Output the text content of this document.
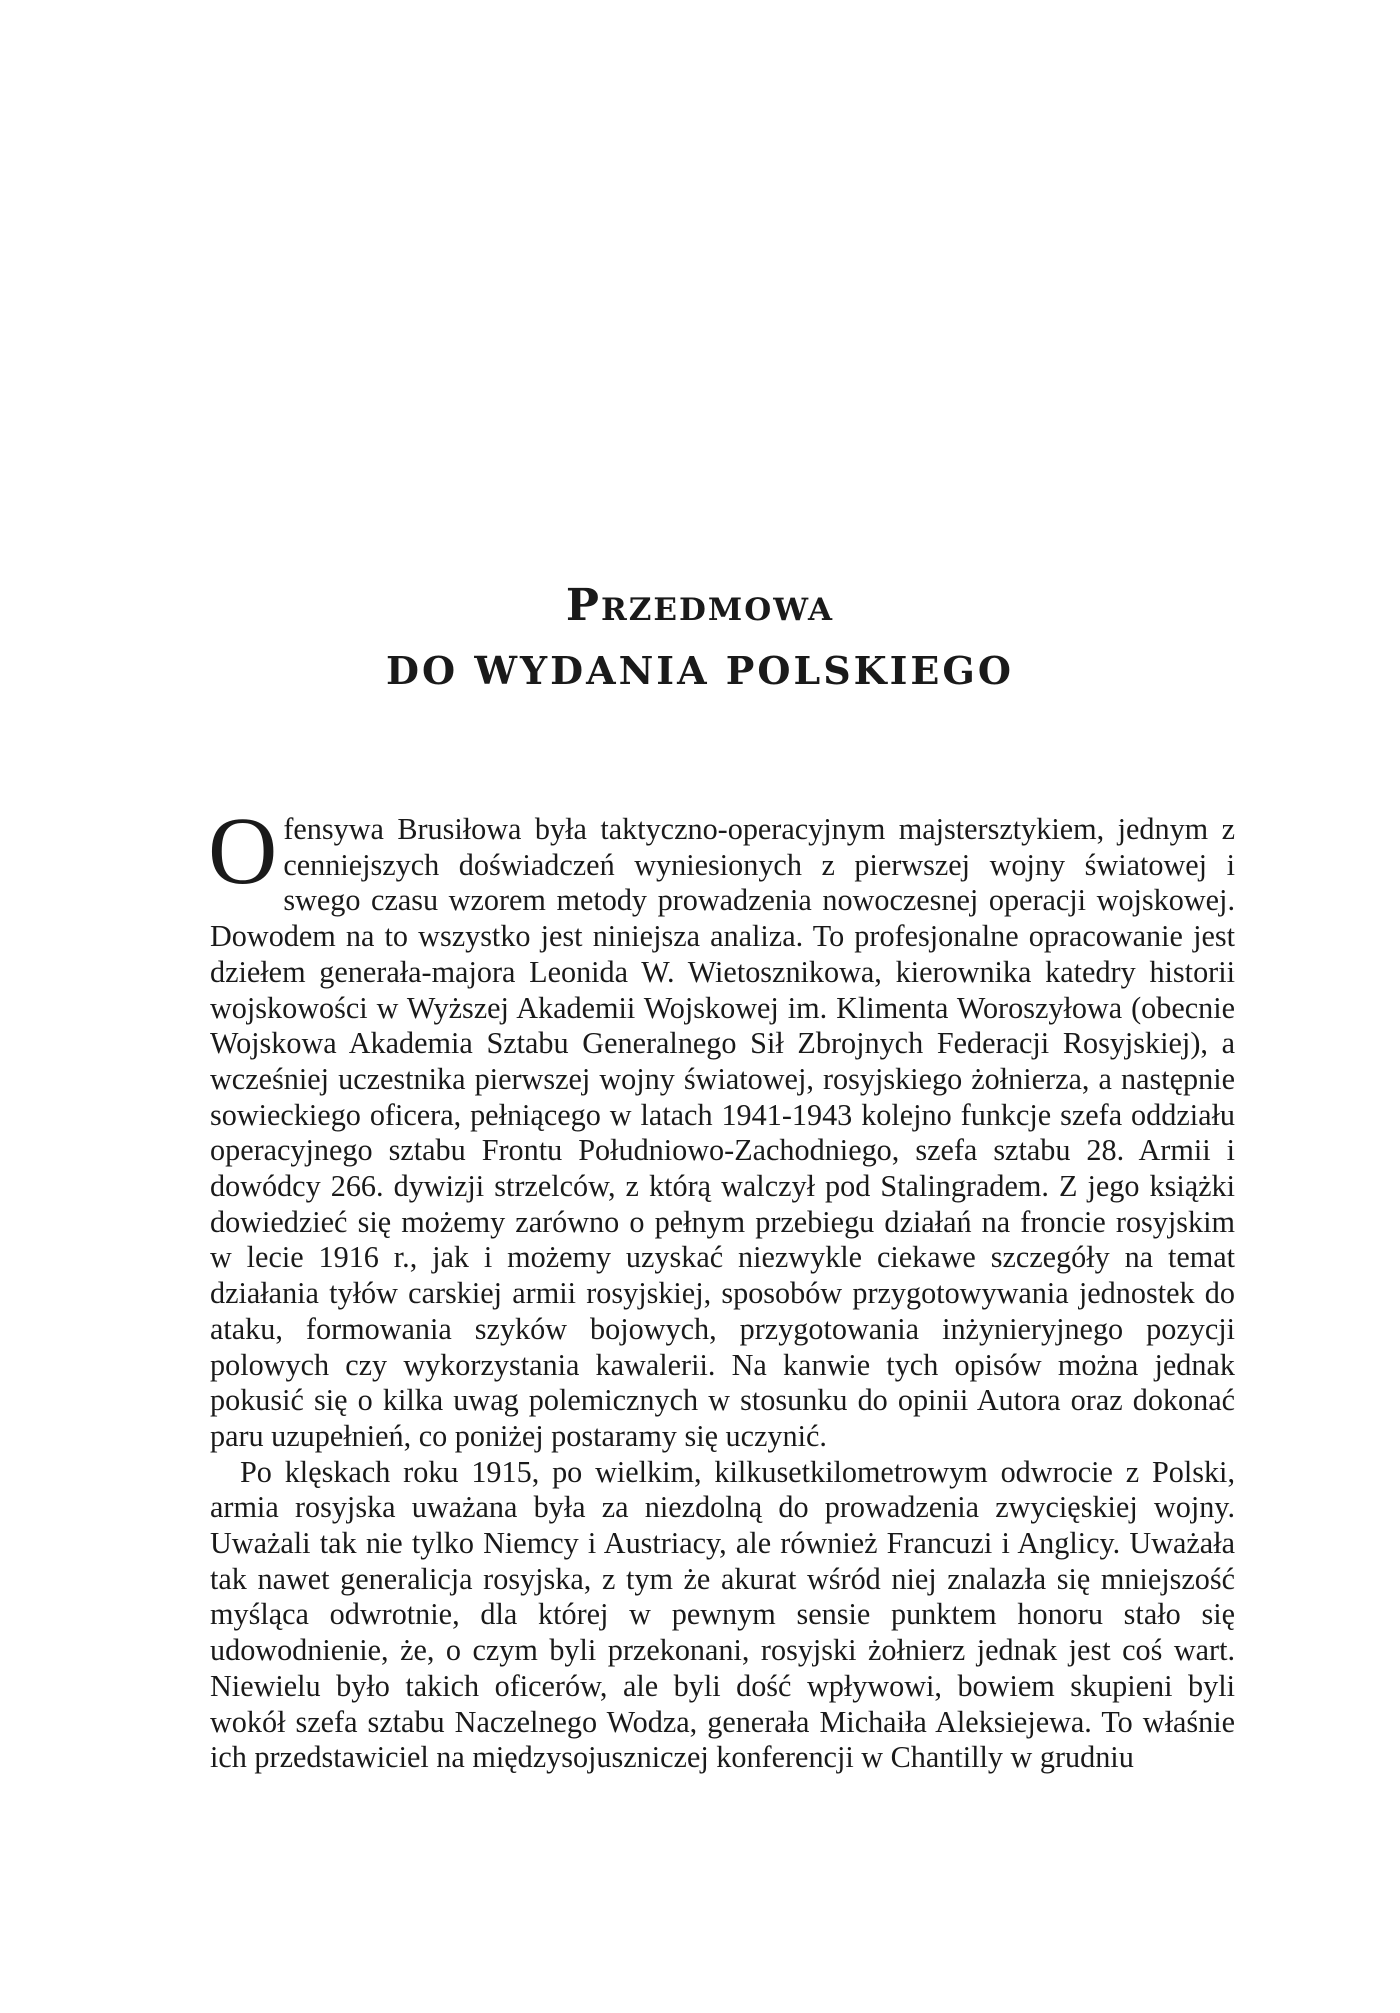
Przedmowa
DO WYDANIA POLSKIEGO

Ofensywa Brusiłowa była taktyczno-operacyjnym majstersztykiem, jednym z cenniejszych doświadczeń wyniesionych z pierwszej wojny światowej i swego czasu wzorem metody prowadzenia nowoczesnej operacji wojskowej. Dowodem na to wszystko jest niniejsza analiza. To profesjonalne opracowanie jest dziełem generała-majora Leonida W. Wietosznikowa, kierownika katedry historii wojskowości w Wyższej Akademii Wojskowej im. Klimenta Woroszyłowa (obecnie Wojskowa Akademia Sztabu Generalnego Sił Zbrojnych Federacji Rosyjskiej), a wcześniej uczestnika pierwszej wojny światowej, rosyjskiego żołnierza, a następnie sowieckiego oficera, pełniącego w latach 1941-1943 kolejno funkcje szefa oddziału operacyjnego sztabu Frontu Południowo-Zachodniego, szefa sztabu 28. Armii i dowódcy 266. dywizji strzelców, z którą walczył pod Stalingradem. Z jego książki dowiedzieć się możemy zarówno o pełnym przebiegu działań na froncie rosyjskim w lecie 1916 r., jak i możemy uzyskać niezwykle ciekawe szczegóły na temat działania tyłów carskiej armii rosyjskiej, sposobów przygotowywania jednostek do ataku, formowania szyków bojowych, przygotowania inżynieryjnego pozycji polowych czy wykorzystania kawalerii. Na kanwie tych opisów można jednak pokusić się o kilka uwag polemicznych w stosunku do opinii Autora oraz dokonać paru uzupełnień, co poniżej postaramy się uczynić.

Po klęskach roku 1915, po wielkim, kilkusetkilometrowym odwrocie z Polski, armia rosyjska uważana była za niezdolną do prowadzenia zwycięskiej wojny. Uważali tak nie tylko Niemcy i Austriacy, ale również Francuzi i Anglicy. Uważała tak nawet generalicja rosyjska, z tym że akurat wśród niej znalazła się mniejszość myśląca odwrotnie, dla której w pewnym sensie punktem honoru stało się udowodnienie, że, o czym byli przekonani, rosyjski żołnierz jednak jest coś wart. Niewielu było takich oficerów, ale byli dość wpływowi, bowiem skupieni byli wokół szefa sztabu Naczelnego Wodza, generała Michaiła Aleksiejewa. To właśnie ich przedstawiciel na międzysojuszniczej konferencji w Chantilly w grudniu
